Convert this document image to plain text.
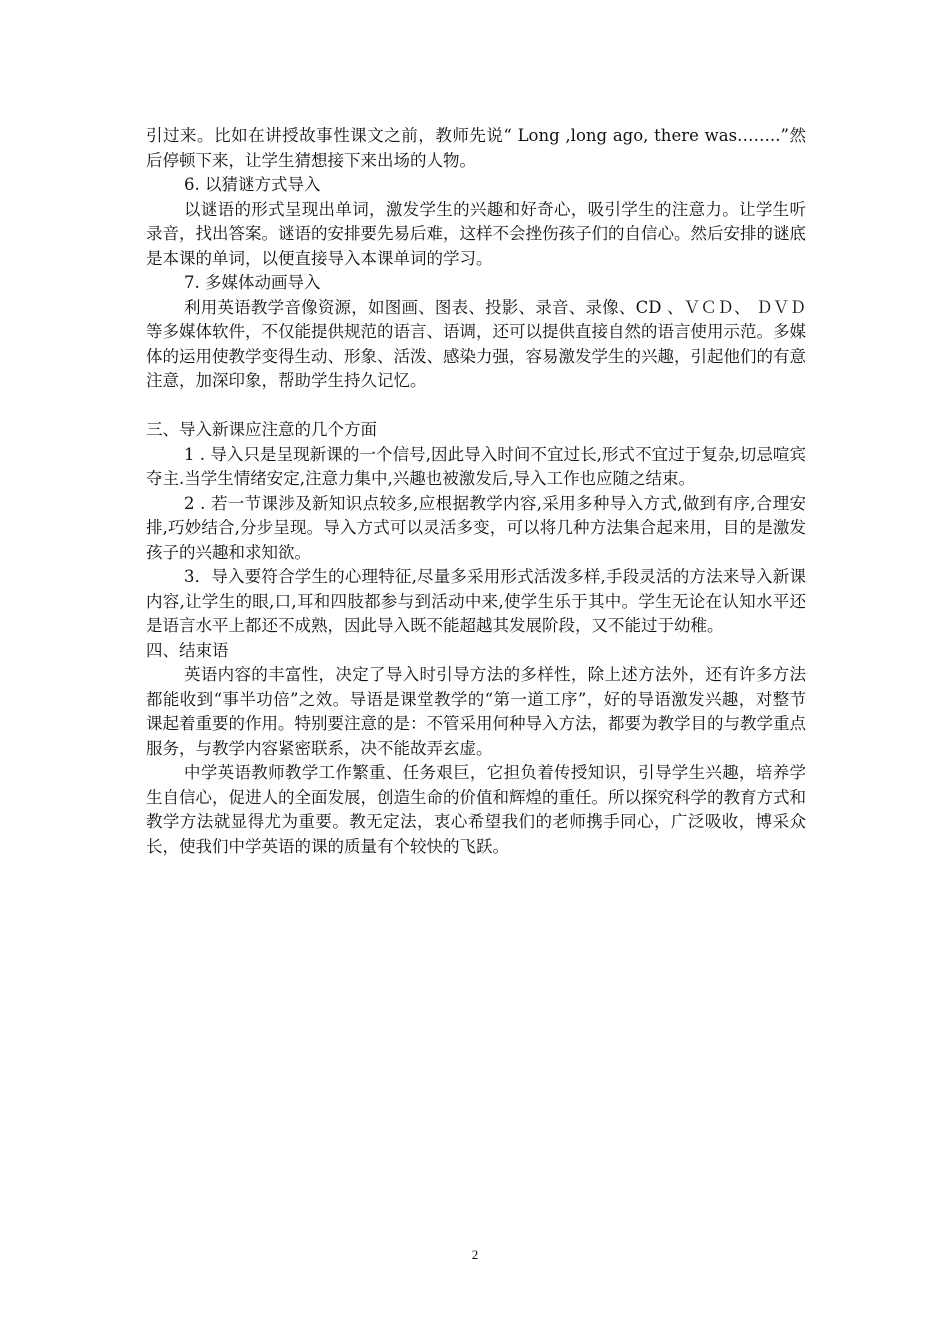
引过来。比如在讲授故事性课文之前，教师先说“ Long ,long ago, there was……..”然后停顿下来，让学生猜想接下来出场的人物。

6. 以猜谜方式导入

以谜语的形式呈现出单词，激发学生的兴趣和好奇心，吸引学生的注意力。让学生听录音，找出答案。谜语的安排要先易后难，这样不会挫伤孩子们的自信心。然后安排的谜底是本课的单词，以便直接导入本课单词的学习。

7. 多媒体动画导入

利用英语教学音像资源，如图画、图表、投影、录音、录像、CD 、ＶＣＤ、 ＤＶＤ等多媒体软件，不仅能提供规范的语言、语调，还可以提供直接自然的语言使用示范。多媒体的运用使教学变得生动、形象、活泼、感染力强，容易激发学生的兴趣，引起他们的有意注意，加深印象，帮助学生持久记忆。

三、导入新课应注意的几个方面

1 . 导入只是呈现新课的一个信号,因此导入时间不宜过长,形式不宜过于复杂,切忌喧宾夺主.当学生情绪安定,注意力集中,兴趣也被激发后,导入工作也应随之结束。

2 . 若一节课涉及新知识点较多,应根据教学内容,采用多种导入方式,做到有序,合理安排,巧妙结合,分步呈现。导入方式可以灵活多变，可以将几种方法集合起来用，目的是激发孩子的兴趣和求知欲。

3．导入要符合学生的心理特征,尽量多采用形式活泼多样,手段灵活的方法来导入新课内容,让学生的眼,口,耳和四肢都参与到活动中来,使学生乐于其中。学生无论在认知水平还是语言水平上都还不成熟，因此导入既不能超越其发展阶段，又不能过于幼稚。

四、结束语

英语内容的丰富性，决定了导入时引导方法的多样性，除上述方法外，还有许多方法都能收到“事半功倍”之效。导语是课堂教学的“第一道工序”，好的导语激发兴趣，对整节课起着重要的作用。特别要注意的是：不管采用何种导入方法，都要为教学目的与教学重点服务，与教学内容紧密联系，决不能故弄玄虚。

中学英语教师教学工作繁重、任务艰巨，它担负着传授知识，引导学生兴趣，培养学生自信心，促进人的全面发展，创造生命的价值和辉煌的重任。所以探究科学的教育方式和教学方法就显得尤为重要。教无定法，衷心希望我们的老师携手同心，广泛吸收，博采众长，使我们中学英语的课的质量有个较快的飞跃。

2
